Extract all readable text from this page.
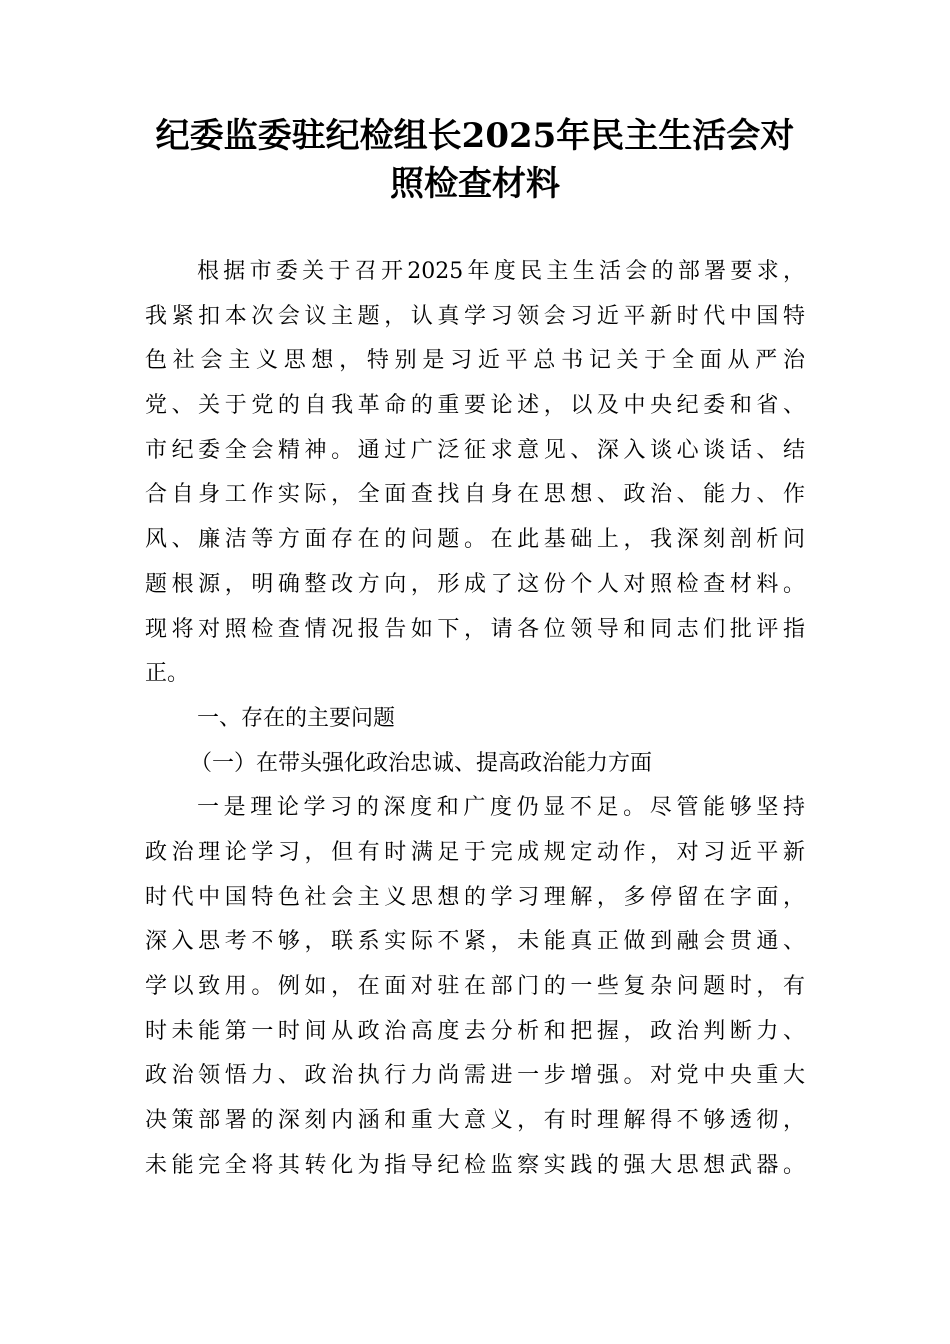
纪委监委驻纪检组长2025年民主生活会对
照检查材料
根据市委关于召开2025年度民主生活会的部署要求，
我紧扣本次会议主题，认真学习领会习近平新时代中国特
色社会主义思想，特别是习近平总书记关于全面从严治
党、关于党的自我革命的重要论述，以及中央纪委和省、
市纪委全会精神。通过广泛征求意见、深入谈心谈话、结
合自身工作实际，全面查找自身在思想、政治、能力、作
风、廉洁等方面存在的问题。在此基础上，我深刻剖析问
题根源，明确整改方向，形成了这份个人对照检查材料。
现将对照检查情况报告如下，请各位领导和同志们批评指
正。
一、存在的主要问题
（一）在带头强化政治忠诚、提高政治能力方面
一是理论学习的深度和广度仍显不足。尽管能够坚持
政治理论学习，但有时满足于完成规定动作，对习近平新
时代中国特色社会主义思想的学习理解，多停留在字面，
深入思考不够，联系实际不紧，未能真正做到融会贯通、
学以致用。例如，在面对驻在部门的一些复杂问题时，有
时未能第一时间从政治高度去分析和把握，政治判断力、
政治领悟力、政治执行力尚需进一步增强。对党中央重大
决策部署的深刻内涵和重大意义，有时理解得不够透彻，
未能完全将其转化为指导纪检监察实践的强大思想武器。
